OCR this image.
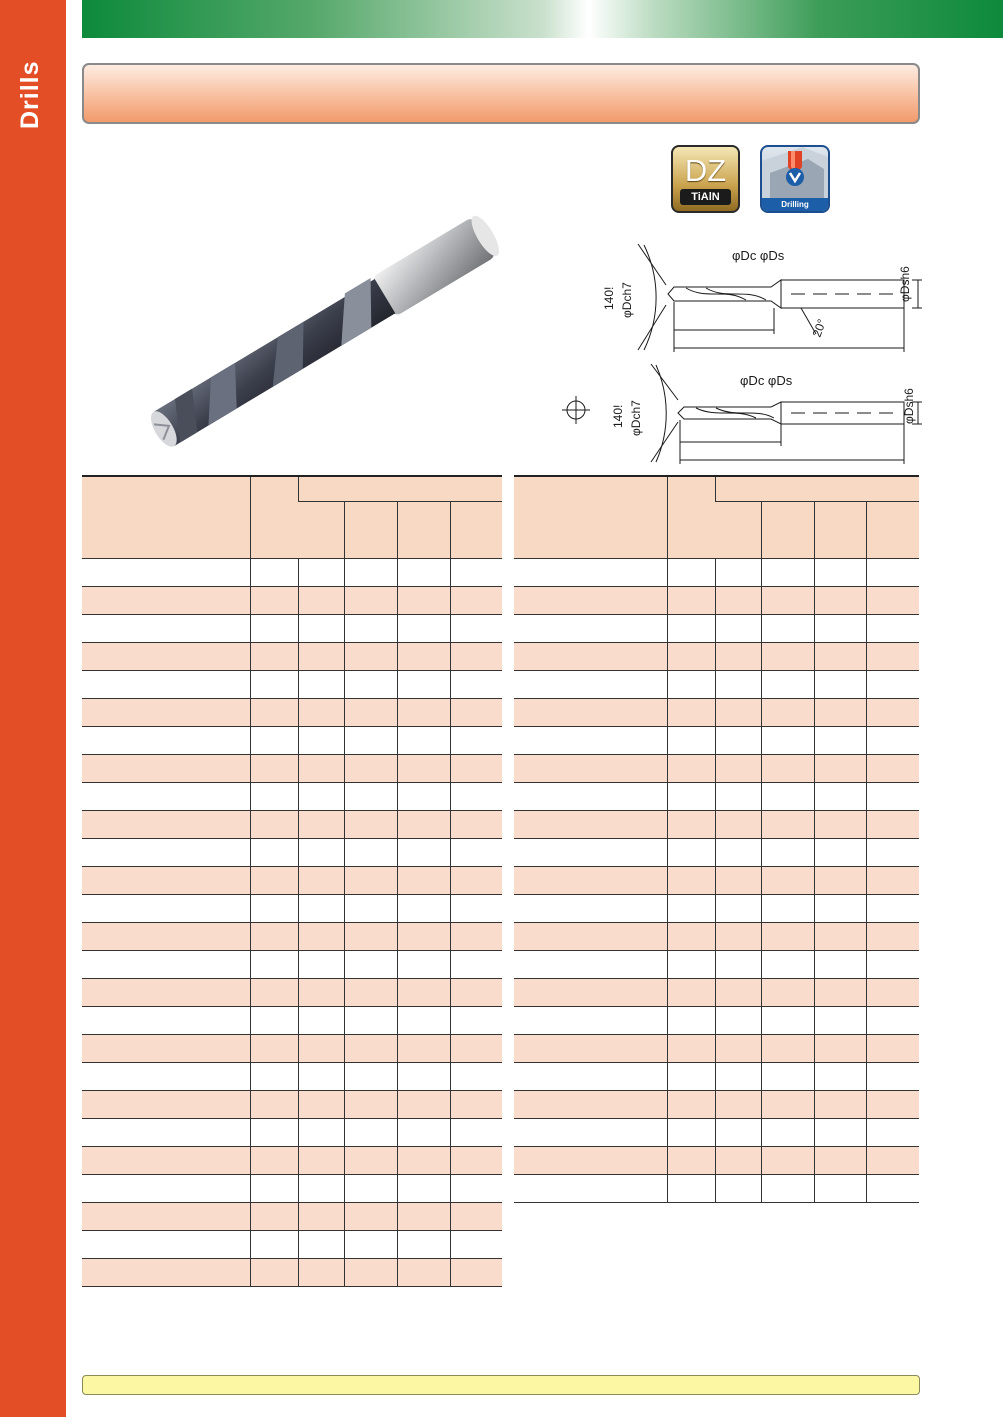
Drills
DZ
TiAlN
Drilling
φDc φDs
φDsh6
140! φDch7
20°
φDc φDs
φDsh6
140! φDch7
